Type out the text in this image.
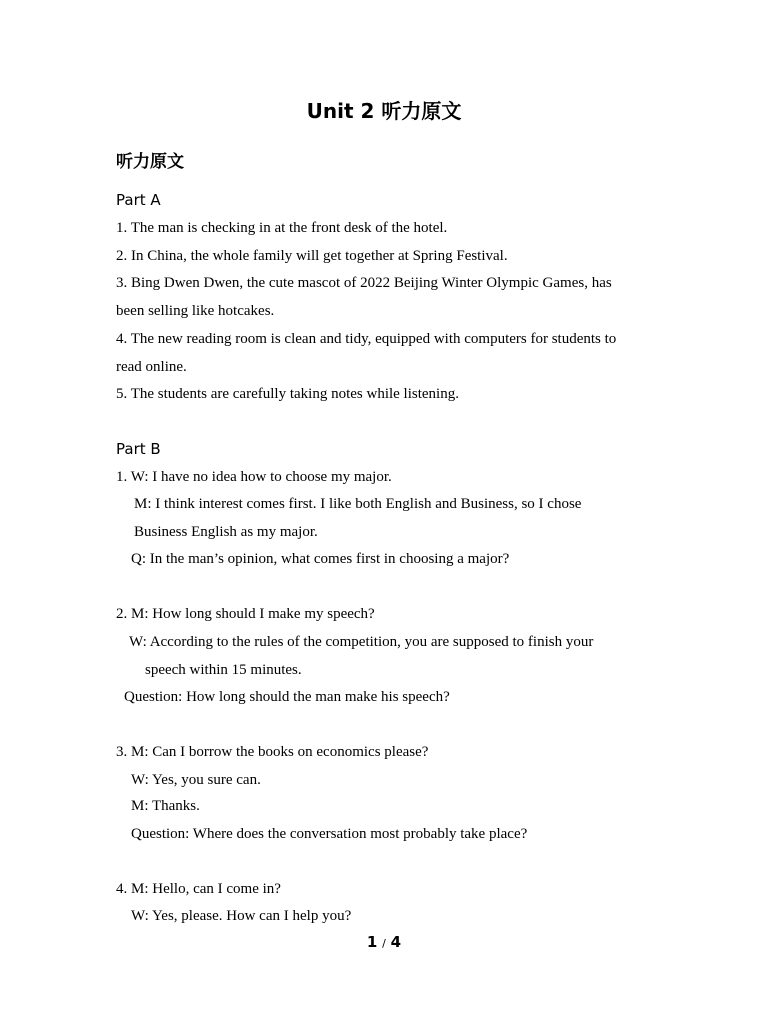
Unit 2 听力原文
听力原文
Part A
1. The man is checking in at the front desk of the hotel.
2. In China, the whole family will get together at Spring Festival.
3. Bing Dwen Dwen, the cute mascot of 2022 Beijing Winter Olympic Games, has
been selling like hotcakes.
4. The new reading room is clean and tidy, equipped with computers for students to
read online.
5. The students are carefully taking notes while listening.
Part B
1. W: I have no idea how to choose my major.
M: I think interest comes first. I like both English and Business, so I chose
Business English as my major.
Q: In the man’s opinion, what comes first in choosing a major?
2. M: How long should I make my speech?
W: According to the rules of the competition, you are supposed to finish your
speech within 15 minutes.
Question: How long should the man make his speech?
3. M: Can I borrow the books on economics please?
W: Yes, you sure can.
M: Thanks.
Question: Where does the conversation most probably take place?
4. M: Hello, can I come in?
W: Yes, please. How can I help you?
1 / 4
